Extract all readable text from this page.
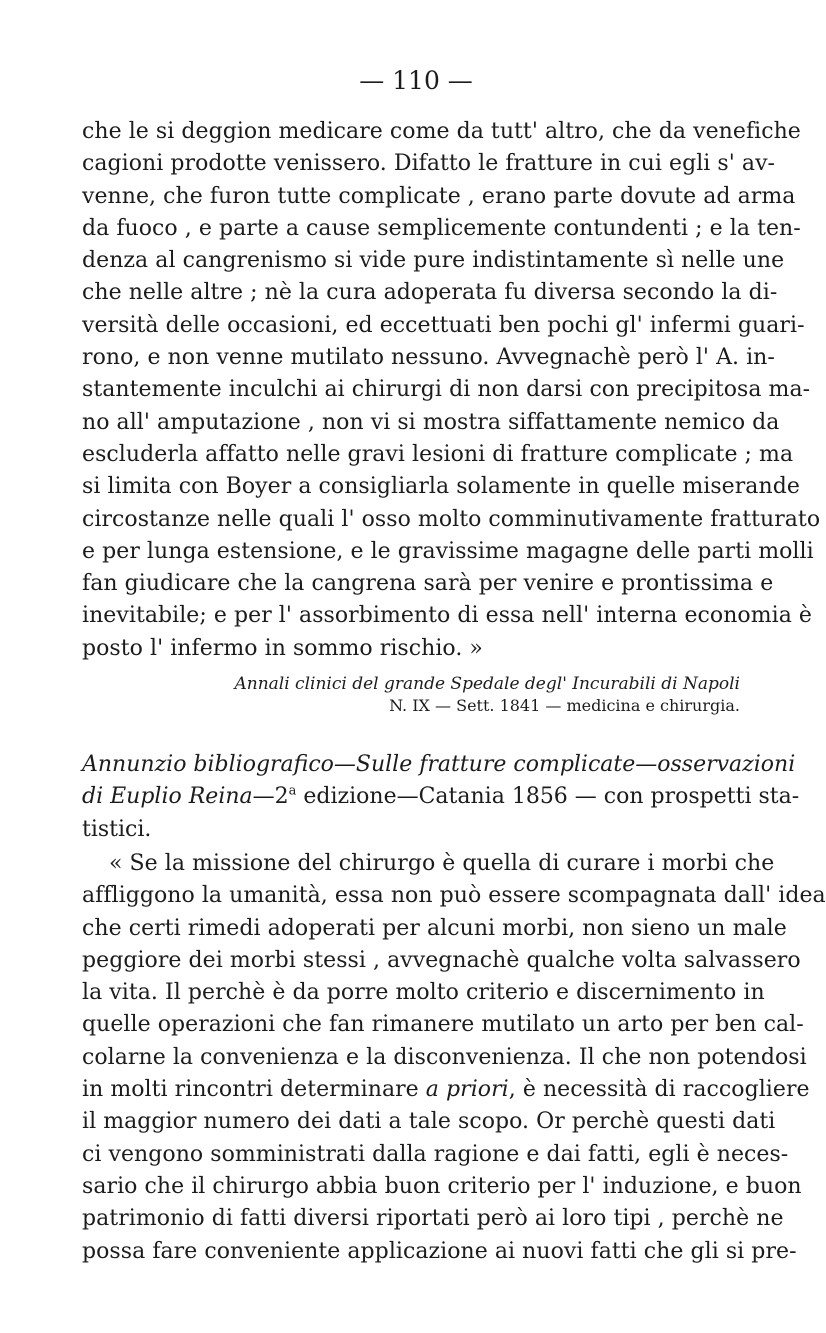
— 110 —
che le si deggion medicare come da tutt' altro, che da venefiche
cagioni prodotte venissero. Difatto le fratture in cui egli s' av-
venne, che furon tutte complicate , erano parte dovute ad arma
da fuoco , e parte a cause semplicemente contundenti ; e la ten-
denza al cangrenismo si vide pure indistintamente sì nelle une
che nelle altre ; nè la cura adoperata fu diversa secondo la di-
versità delle occasioni, ed eccettuati ben pochi gl' infermi guari-
rono, e non venne mutilato nessuno. Avvegnachè però l' A. in-
stantemente inculchi ai chirurgi di non darsi con precipitosa ma-
no all' amputazione , non vi si mostra siffattamente nemico da
escluderla affatto nelle gravi lesioni di fratture complicate ; ma
si limita con Boyer a consigliarla solamente in quelle miserande
circostanze nelle quali l' osso molto comminutivamente fratturato
e per lunga estensione, e le gravissime magagne delle parti molli
fan giudicare che la cangrena sarà per venire e prontissima e
inevitabile; e per l' assorbimento di essa nell' interna economia è
posto l' infermo in sommo rischio. »
Annali clinici del grande Spedale degl' Incurabili di Napoli
N. IX — Sett. 1841 — medicina e chirurgia.
Annunzio bibliografico—Sulle fratture complicate—osservazioni
di Euplio Reina—2$^a$ edizione—Catania 1856 — con prospetti sta-
tistici.
« Se la missione del chirurgo è quella di curare i morbi che
affliggono la umanità, essa non può essere scompagnata dall' idea
che certi rimedi adoperati per alcuni morbi, non sieno un male
peggiore dei morbi stessi , avvegnachè qualche volta salvassero
la vita. Il perchè è da porre molto criterio e discernimento in
quelle operazioni che fan rimanere mutilato un arto per ben cal-
colarne la convenienza e la disconvenienza. Il che non potendosi
in molti rincontri determinare a priori, è necessità di raccogliere
il maggior numero dei dati a tale scopo. Or perchè questi dati
ci vengono somministrati dalla ragione e dai fatti, egli è neces-
sario che il chirurgo abbia buon criterio per l' induzione, e buon
patrimonio di fatti diversi riportati però ai loro tipi , perchè ne
possa fare conveniente applicazione ai nuovi fatti che gli si pre-
